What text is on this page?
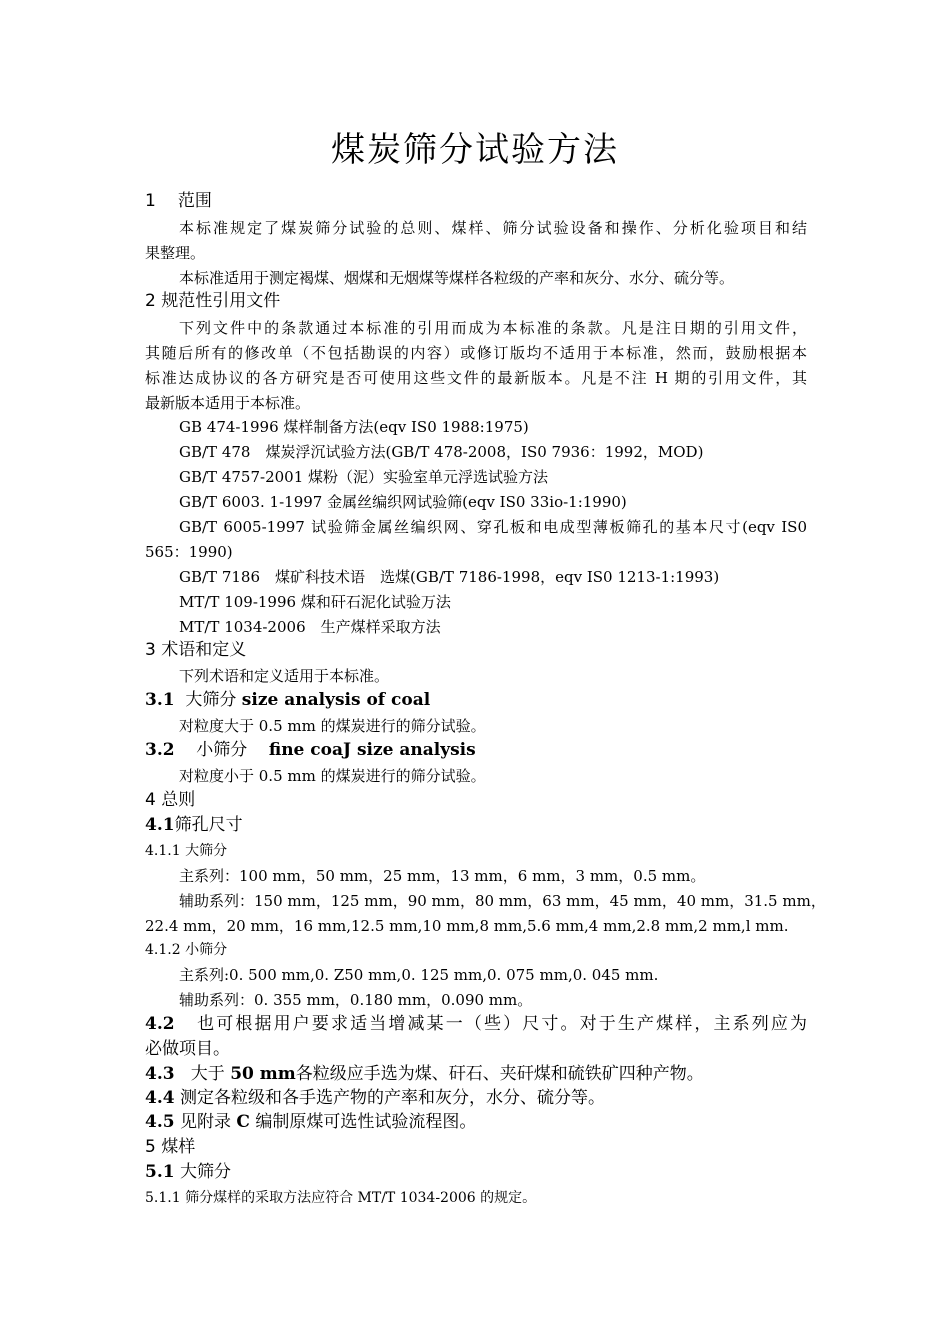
煤炭筛分试验方法
1 范围
本标准规定了煤炭筛分试验的总则、煤样、筛分试验设备和操作、分析化验项目和结
果整理。
本标准适用于测定褐煤、烟煤和无烟煤等煤样各粒级的产率和灰分、水分、硫分等。
2 规范性引用文件
下列文件中的条款通过本标准的引用而成为本标准的条款。凡是注日期的引用文件，
其随后所有的修改单（不包括勘误的内容）或修订版均不适用于本标准，然而，鼓励根据本
标准达成协议的各方研究是否可使用这些文件的最新版本。凡是不注 H 期的引用文件，其
最新版本适用于本标准。
GB 474-1996 煤样制备方法(eqv IS0 1988:1975)
GB/T 478　煤炭浮沉试验方法(GB/T 478-2008，IS0 7936：1992，MOD)
GB/T 4757-2001 煤粉（泥）实验室单元浮选试验方法
GB/T 6003. 1-1997 金属丝编织网试验筛(eqv IS0 33io-1:1990)
GB/T 6005-1997 试验筛金属丝编织网、穿孔板和电成型薄板筛孔的基本尺寸(eqv IS0
565：1990)
GB/T 7186　煤矿科技术语　选煤(GB/T 7186-1998，eqv IS0 1213-1:1993)
MT/T 109-1996 煤和矸石泥化试验万法
MT/T 1034-2006　生产煤样采取方法
3 术语和定义
下列术语和定义适用于本标准。
3.1 大筛分 size analysis of coal
对粒度大于 0.5 mm 的煤炭进行的筛分试验。
3.2 小筛分 fine coaJ size analysis
对粒度小于 0.5 mm 的煤炭进行的筛分试验。
4 总则
4.1筛孔尺寸
4.1.1 大筛分
主系列：100 mm，50 mm，25 mm，13 mm，6 mm，3 mm，0.5 mm。
辅助系列：150 mm，125 mm，90 mm，80 mm，63 mm，45 mm，40 mm，31.5 mm，
22.4 mm，20 mm，16 mm,12.5 mm,10 mm,8 mm,5.6 mm,4 mm,2.8 mm,2 mm,l mm.
4.1.2 小筛分
主系列:0. 500 mm,0. Z50 mm,0. 125 mm,0. 075 mm,0. 045 mm.
辅助系列：0. 355 mm，0.180 mm，0.090 mm。
4.2 也可根据用户要求适当增减某一（些）尺寸。对于生产煤样，主系列应为
必做项目。
4.3 大于 50 mm各粒级应手选为煤、矸石、夹矸煤和硫铁矿四种产物。
4.4 测定各粒级和各手选产物的产率和灰分，水分、硫分等。
4.5 见附录 C 编制原煤可选性试验流程图。
5 煤样
5.1 大筛分
5.1.1 筛分煤样的采取方法应符合 MT/T 1034-2006 的规定。
